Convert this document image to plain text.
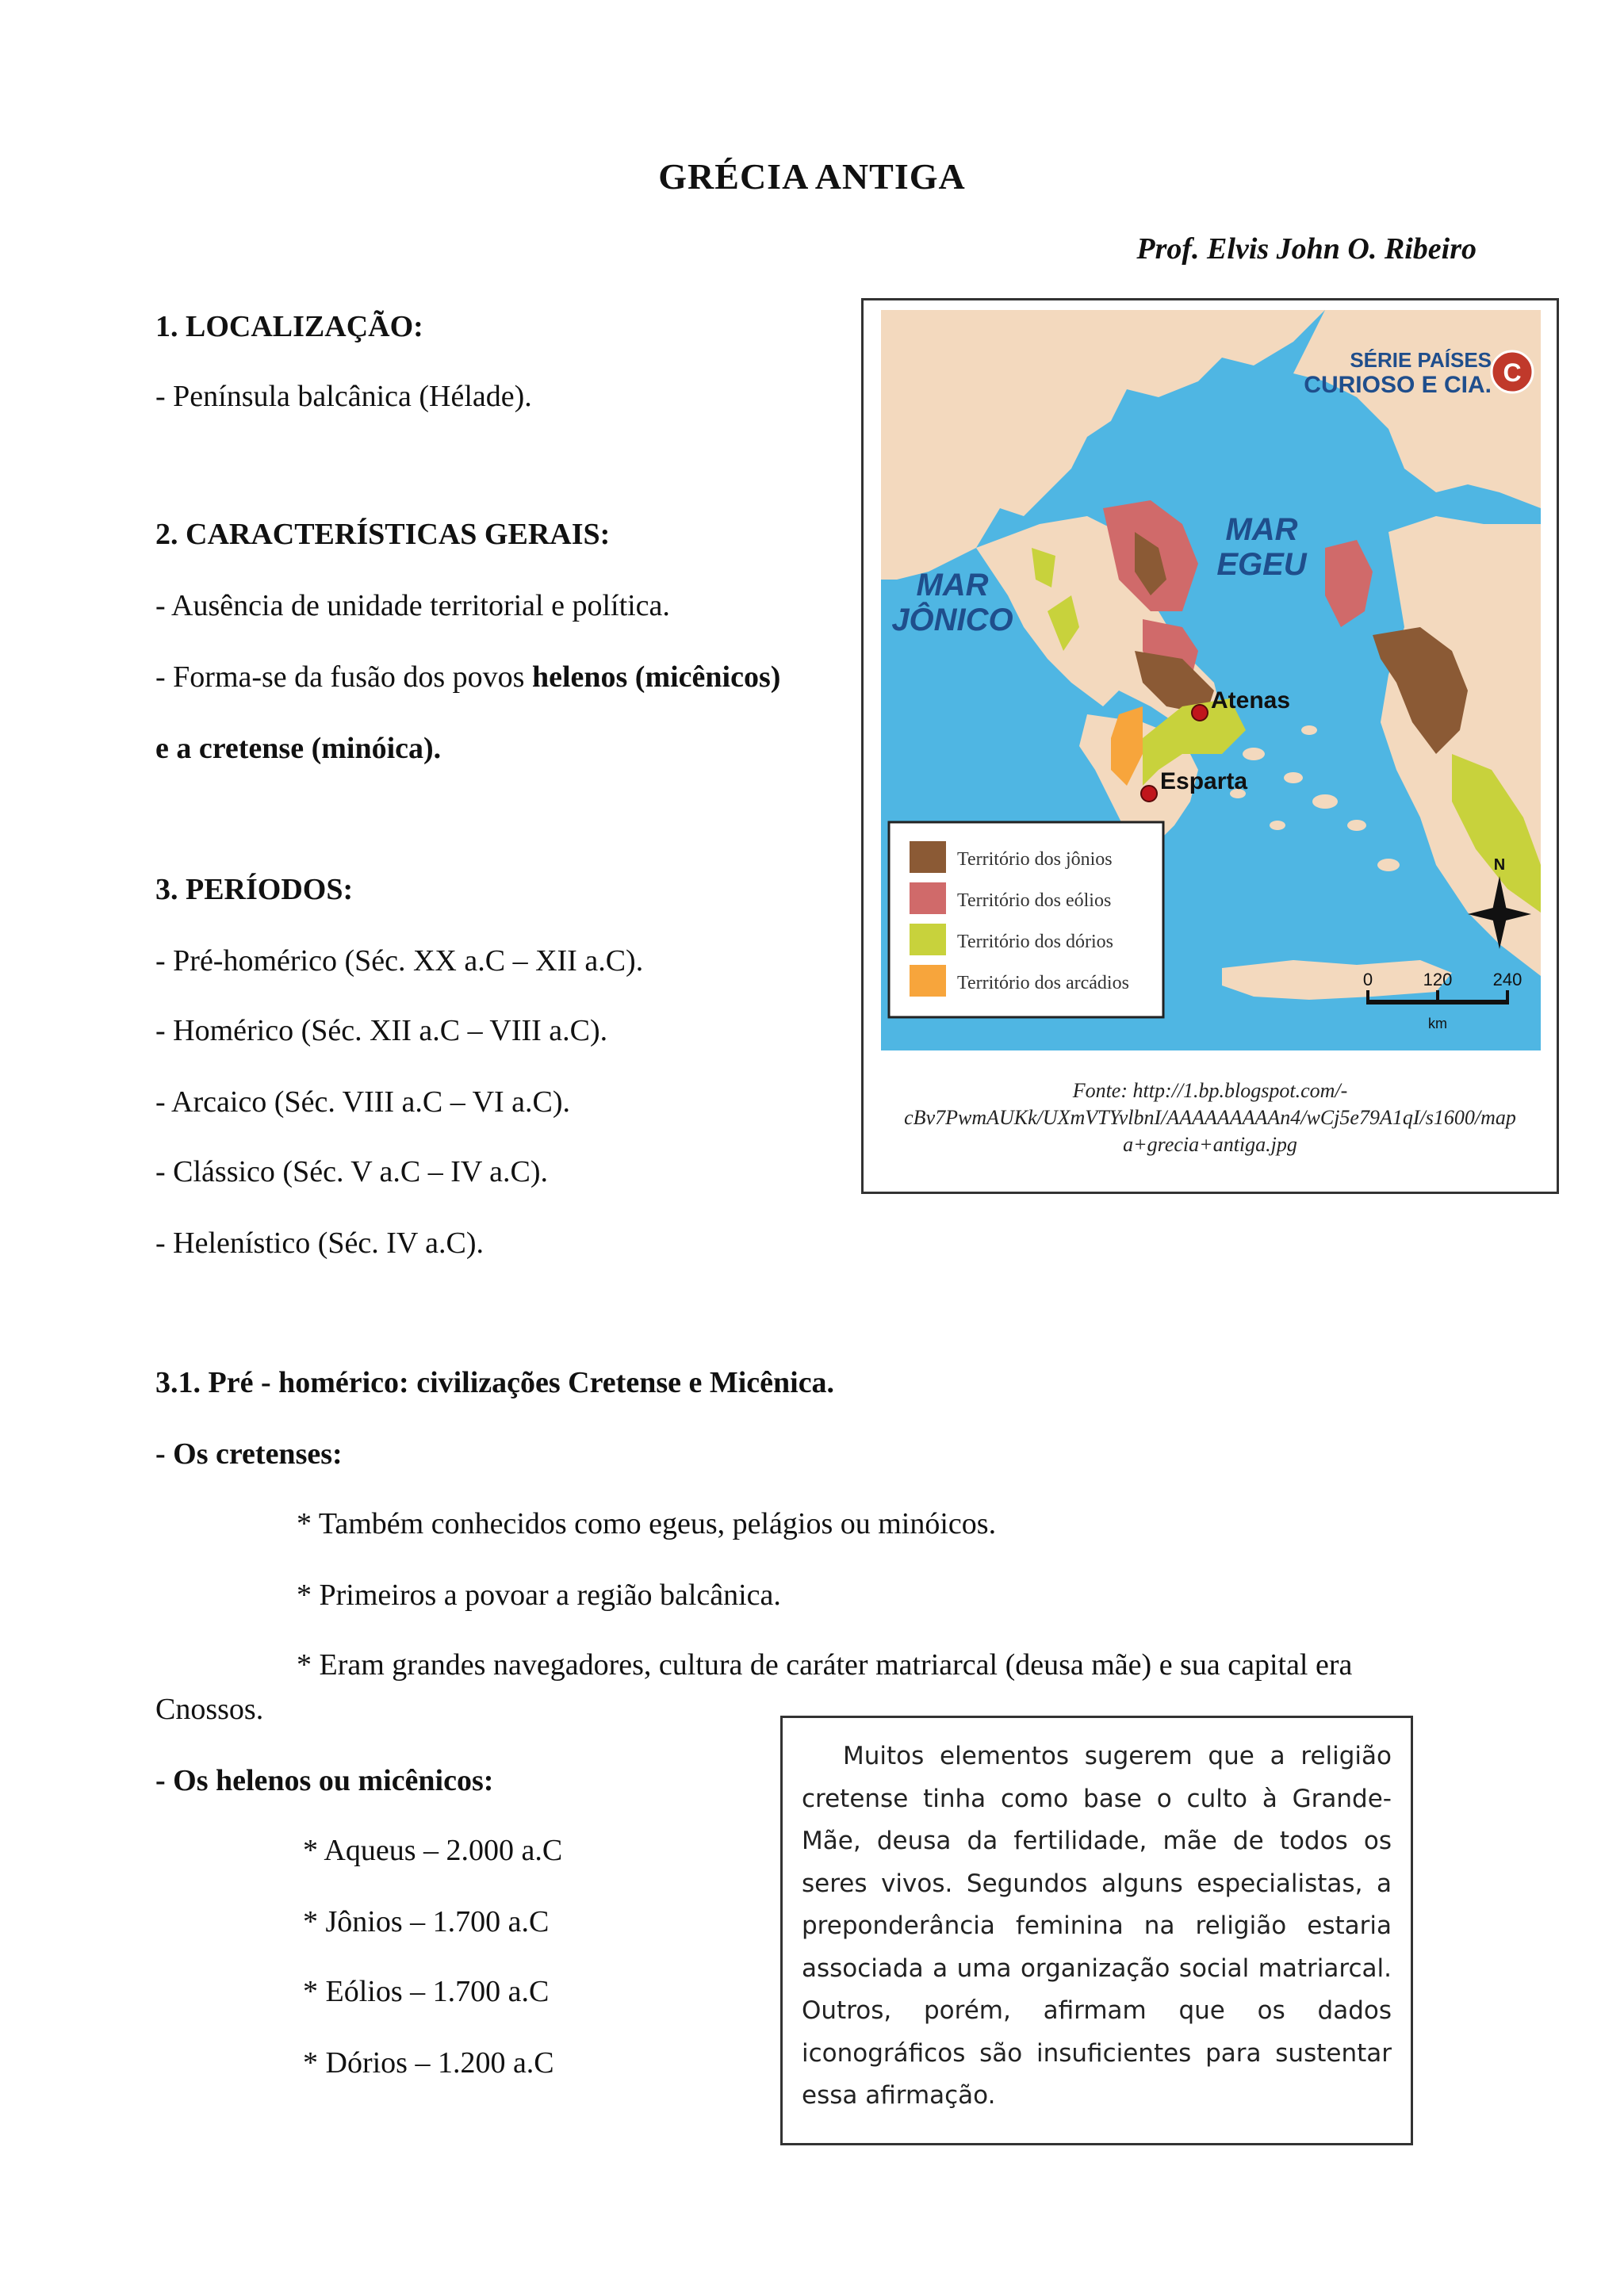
GRÉCIA ANTIGA
Prof. Elvis John O. Ribeiro
1. LOCALIZAÇÃO:
- Península balcânica (Hélade).
2. CARACTERÍSTICAS GERAIS:
- Ausência de unidade territorial e política.
- Forma-se da fusão dos povos helenos (micênicos)
e a cretense (minóica).
3. PERÍODOS:
- Pré-homérico (Séc. XX a.C – XII a.C).
- Homérico (Séc. XII a.C – VIII a.C).
- Arcaico (Séc. VIII a.C – VI a.C).
- Clássico (Séc. V a.C – IV a.C).
- Helenístico (Séc. IV a.C).
SÉRIE PAÍSES
CURIOSO E CIA. C
MAR
JÔNICO
MAR
EGEU
Atenas
Esparta
Território dos jônios
Território dos eólios
Território dos dórios
Território dos arcádios
N
0	120 240
km
Fonte: http://1.bp.blogspot.com/-
cBv7PwmAUKk/UXmVTYvlbnI/AAAAAAAAAn4/wCj5e79A1qI/s1600/map
a+grecia+antiga.jpg
3.1. Pré - homérico: civilizações Cretense e Micênica.
- Os cretenses:
* Também conhecidos como egeus, pelágios ou minóicos.
* Primeiros a povoar a região balcânica.
* Eram grandes navegadores, cultura de caráter matriarcal (deusa mãe) e sua capital era
Cnossos.
- Os helenos ou micênicos:
* Aqueus – 2.000 a.C
* Jônios – 1.700 a.C
* Eólios – 1.700 a.C
* Dórios – 1.200 a.C
Muitos elementos sugerem que a religião
cretense tinha como base o culto à Grande-
Mãe, deusa da fertilidade, mãe de todos os
seres vivos. Segundos alguns especialistas, a
preponderância feminina na religião estaria
associada a uma organização social matriarcal.
Outros, porém, afirmam que os dados
iconográficos são insuficientes para sustentar
essa afirmação.
